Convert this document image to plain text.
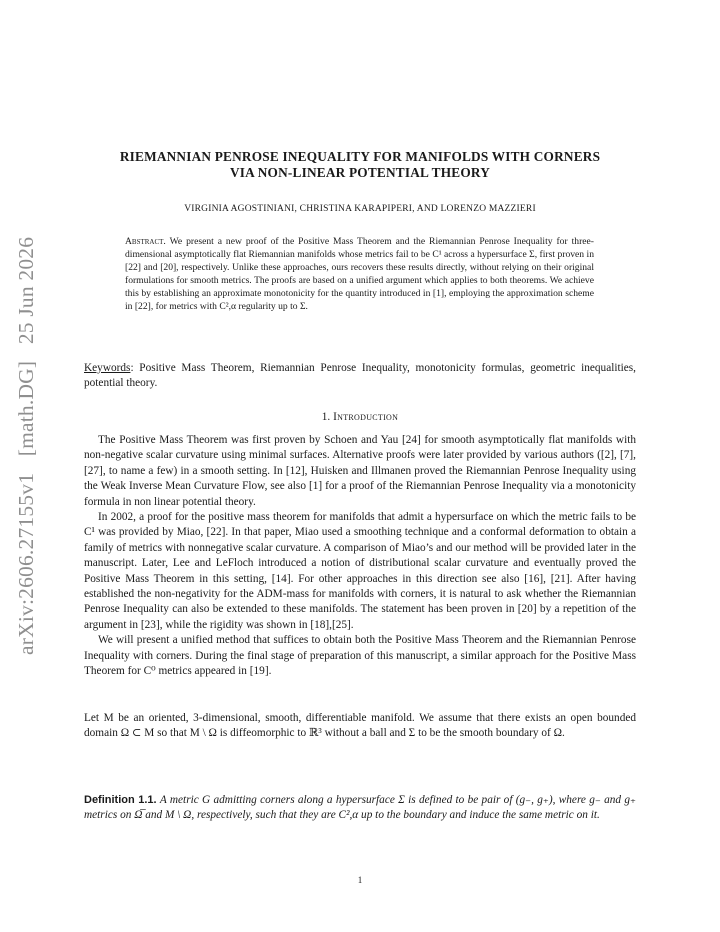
arXiv:2606.27155v1 [math.DG] 25 Jun 2026
RIEMANNIAN PENROSE INEQUALITY FOR MANIFOLDS WITH CORNERS
VIA NON-LINEAR POTENTIAL THEORY
VIRGINIA AGOSTINIANI, CHRISTINA KARAPIPERI, AND LORENZO MAZZIERI

Abstract. We present a new proof of the Positive Mass Theorem and the Riemannian Penrose Inequality for three-dimensional asymptotically flat Riemannian manifolds whose metrics fail to be C¹ across a hypersurface Σ, first proven in [22] and [20], respectively. Unlike these approaches, ours recovers these results directly, without relying on their original formulations for smooth metrics. The proofs are based on a unified argument which applies to both theorems. We achieve this by establishing an approximate monotonicity for the quantity introduced in [1], employing the approximation scheme in [22], for metrics with C²,α regularity up to Σ.

Keywords: Positive Mass Theorem, Riemannian Penrose Inequality, monotonicity formulas, geometric inequalities, potential theory.

1. Introduction

The Positive Mass Theorem was first proven by Schoen and Yau [24] for smooth asymptotically flat manifolds with non-negative scalar curvature using minimal surfaces. Alternative proofs were later provided by various authors ([2], [7], [27], to name a few) in a smooth setting. In [12], Huisken and Illmanen proved the Riemannian Penrose Inequality using the Weak Inverse Mean Curvature Flow, see also [1] for a proof of the Riemannian Penrose Inequality via a monotonicity formula in non linear potential theory.

In 2002, a proof for the positive mass theorem for manifolds that admit a hypersurface on which the metric fails to be C¹ was provided by Miao, [22]. In that paper, Miao used a smoothing technique and a conformal deformation to obtain a family of metrics with nonnegative scalar curvature. A comparison of Miao’s and our method will be provided later in the manuscript. Later, Lee and LeFloch introduced a notion of distributional scalar curvature and eventually proved the Positive Mass Theorem in this setting, [14]. For other approaches in this direction see also [16], [21]. After having established the non-negativity for the ADM-mass for manifolds with corners, it is natural to ask whether the Riemannian Penrose Inequality can also be extended to these manifolds. The statement has been proven in [20] by a repetition of the argument in [23], while the rigidity was shown in [18],[25].

We will present a unified method that suffices to obtain both the Positive Mass Theorem and the Riemannian Penrose Inequality with corners. During the final stage of preparation of this manuscript, a similar approach for the Positive Mass Theorem for C⁰ metrics appeared in [19].

Let M be an oriented, 3-dimensional, smooth, differentiable manifold. We assume that there exists an open bounded domain Ω ⊂ M so that M \ Ω is diffeomorphic to ℝ³ without a ball and Σ to be the smooth boundary of Ω.

Definition 1.1. A metric G admitting corners along a hypersurface Σ is defined to be pair of (g₋, g₊), where g₋ and g₊ metrics on Ω̅ and M \ Ω, respectively, such that they are C²,α up to the boundary and induce the same metric on it.

1
